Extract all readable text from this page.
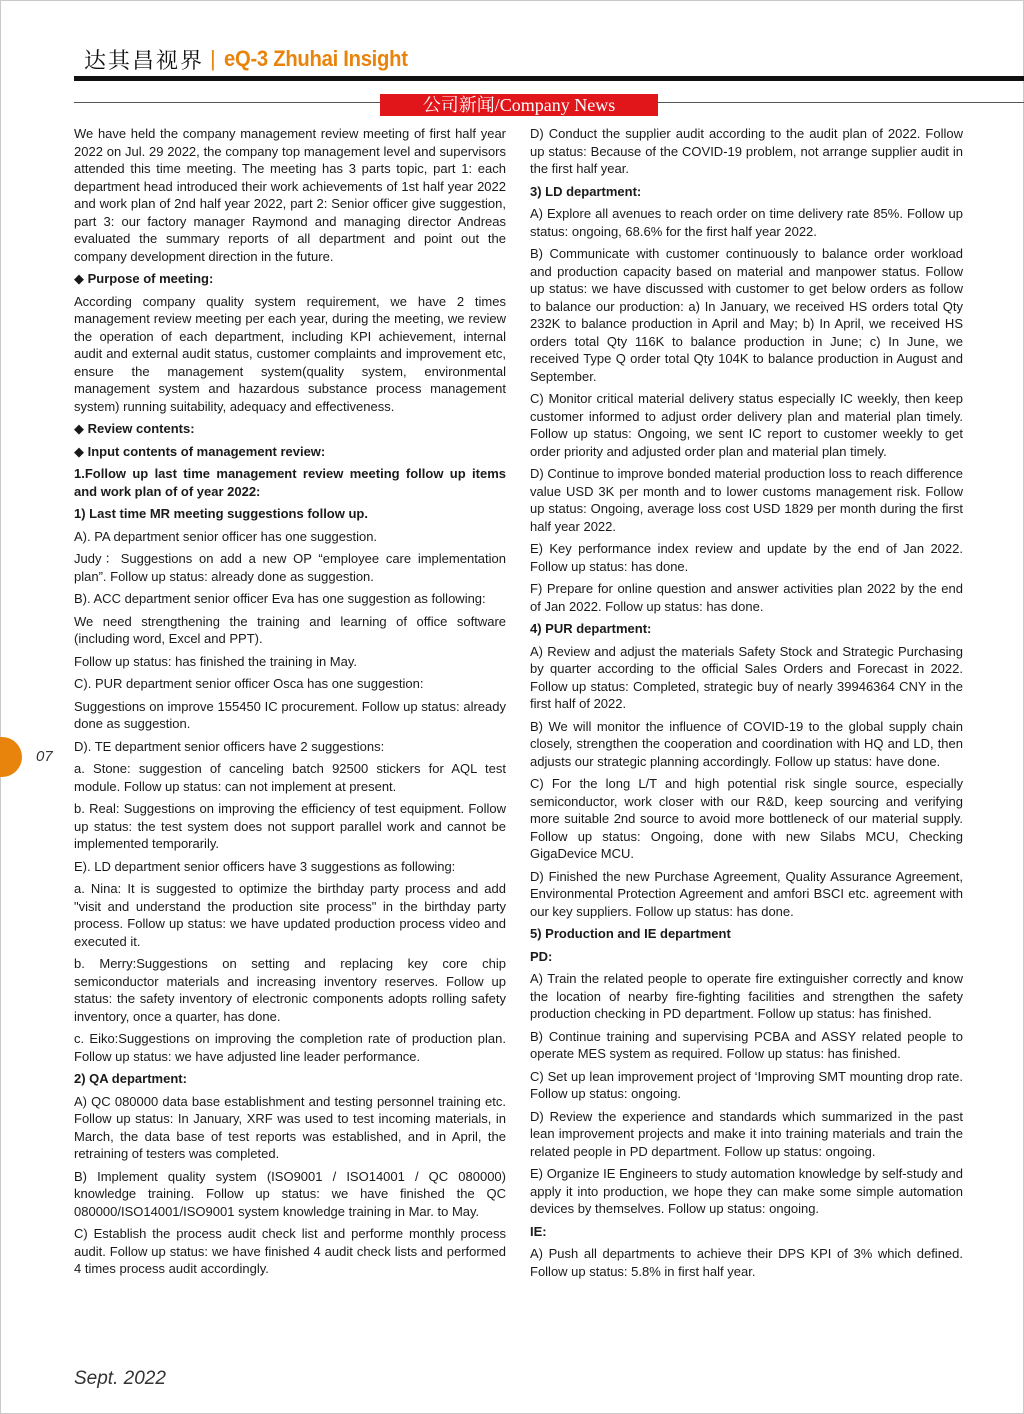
达其昌视界 | eQ-3 Zhuhai Insight
公司新闻/Company News

We have held the company management review meeting of first half year 2022 on Jul. 29 2022, the company top management level and supervisors attended this time meeting. The meeting has 3 parts topic, part 1: each department head introduced their work achievements of 1st half year 2022 and work plan of 2nd half year 2022, part 2: Senior officer give suggestion, part 3: our factory manager Raymond and managing director Andreas evaluated the summary reports of all department and point out the company development direction in the future.

◆ Purpose of meeting:

According company quality system requirement, we have 2 times management review meeting per each year, during the meeting, we review the operation of each department, including KPI achievement, internal audit and external audit status, customer complaints and improvement etc, ensure the management system(quality system, environmental management system and hazardous substance process management system) running suitability, adequacy and effectiveness.

◆ Review contents:

◆ Input contents of management review:

1.Follow up last time management review meeting follow up items and work plan of of year 2022:

1) Last time MR meeting suggestions follow up.

A). PA department senior officer has one suggestion.

Judy：Suggestions on add a new OP “employee care implementation plan”. Follow up status: already done as suggestion.

B). ACC department senior officer Eva has one suggestion as following:

We need strengthening the training and learning of office software (including word, Excel and PPT).

Follow up status: has finished the training in May.

C). PUR department senior officer Osca has one suggestion:

Suggestions on improve 155450 IC procurement. Follow up status: already done as suggestion.

D). TE department senior officers have 2 suggestions:

a. Stone: suggestion of canceling batch 92500 stickers for AQL test module. Follow up status: can not implement at present.

b. Real: Suggestions on improving the efficiency of test equipment. Follow up status: the test system does not support parallel work and cannot be implemented temporarily.

E). LD department senior officers have 3 suggestions as following:

a. Nina: It is suggested to optimize the birthday party process and add "visit and understand the production site process" in the birthday party process. Follow up status: we have updated production process video and executed it.

b. Merry:Suggestions on setting and replacing key core chip semiconductor materials and increasing inventory reserves. Follow up status: the safety inventory of electronic components adopts rolling safety inventory, once a quarter, has done.

c. Eiko:Suggestions on improving the completion rate of production plan. Follow up status: we have adjusted line leader performance.

2) QA department:

A) QC 080000 data base establishment and testing personnel training etc. Follow up status: In January, XRF was used to test incoming materials, in March, the data base of test reports was established, and in April, the retraining of testers was completed.

B) Implement quality system (ISO9001 / ISO14001 / QC 080000) knowledge training. Follow up status: we have finished the QC 080000/ISO14001/ISO9001 system knowledge training in Mar. to May.

C) Establish the process audit check list and performe monthly process audit. Follow up status: we have finished 4 audit check lists and performed 4 times process audit accordingly.

D) Conduct the supplier audit according to the audit plan of 2022. Follow up status: Because of the COVID-19 problem, not arrange supplier audit in the first half year.

3) LD department:

A) Explore all avenues to reach order on time delivery rate 85%. Follow up status: ongoing, 68.6% for the first half year 2022.

B) Communicate with customer continuously to balance order workload and production capacity based on material and manpower status. Follow up status: we have discussed with customer to get below orders as follow to balance our production: a) In January, we received HS orders total Qty 232K to balance production in April and May; b) In April, we received HS orders total Qty 116K to balance production in June; c) In June, we received Type Q order total Qty 104K to balance production in August and September.

C) Monitor critical material delivery status especially IC weekly, then keep customer informed to adjust order delivery plan and material plan timely. Follow up status: Ongoing, we sent IC report to customer weekly to get order priority and adjusted order plan and material plan timely.

D) Continue to improve bonded material production loss to reach difference value USD 3K per month and to lower customs management risk. Follow up status: Ongoing, average loss cost USD 1829 per month during the first half year 2022.

E) Key performance index review and update by the end of Jan 2022. Follow up status: has done.

F) Prepare for online question and answer activities plan 2022 by the end of Jan 2022. Follow up status: has done.

4) PUR department:

A) Review and adjust the materials Safety Stock and Strategic Purchasing by quarter according to the official Sales Orders and Forecast in 2022. Follow up status: Completed, strategic buy of nearly 39946364 CNY in the first half of 2022.

B) We will monitor the influence of COVID-19 to the global supply chain closely, strengthen the cooperation and coordination with HQ and LD, then adjusts our strategic planning accordingly. Follow up status: have done.

C) For the long L/T and high potential risk single source, especially semiconductor, work closer with our R&D, keep sourcing and verifying more suitable 2nd source to avoid more bottleneck of our material supply. Follow up status: Ongoing, done with new Silabs MCU, Checking GigaDevice MCU.

D) Finished the new Purchase Agreement, Quality Assurance Agreement, Environmental Protection Agreement and amfori BSCI etc. agreement with our key suppliers. Follow up status: has done.

5) Production and IE department

PD:

A) Train the related people to operate fire extinguisher correctly and know the location of nearby fire-fighting facilities and strengthen the safety production checking in PD department. Follow up status: has finished.

B) Continue training and supervising PCBA and ASSY related people to operate MES system as required. Follow up status: has finished.

C) Set up lean improvement project of ‘Improving SMT mounting drop rate. Follow up status: ongoing.

D) Review the experience and standards which summarized in the past lean improvement projects and make it into training materials and train the related people in PD department. Follow up status: ongoing.

E) Organize IE Engineers to study automation knowledge by self-study and apply it into production, we hope they can make some simple automation devices by themselves. Follow up status: ongoing.

IE:

A) Push all departments to achieve their DPS KPI of 3% which defined. Follow up status: 5.8% in first half year.

07
Sept. 2022
